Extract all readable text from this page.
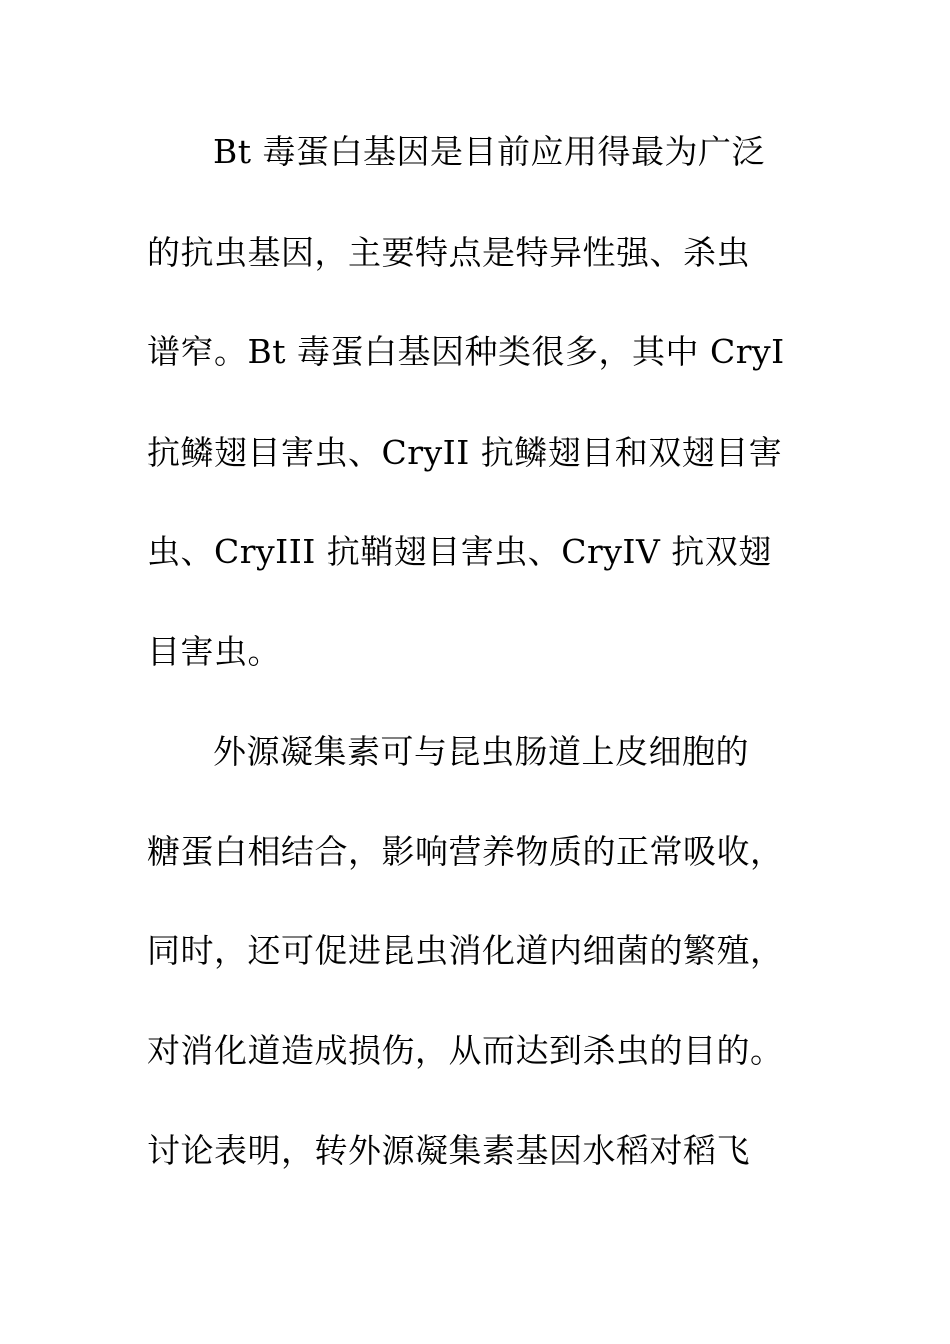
Bt 毒蛋白基因是目前应用得最为广泛
的抗虫基因，主要特点是特异性强、杀虫
谱窄。Bt 毒蛋白基因种类很多，其中 CryI
抗鳞翅目害虫、CryII 抗鳞翅目和双翅目害
虫、CryIII 抗鞘翅目害虫、CryIV 抗双翅
目害虫。
外源凝集素可与昆虫肠道上皮细胞的
糖蛋白相结合，影响营养物质的正常吸收，
同时，还可促进昆虫消化道内细菌的繁殖，
对消化道造成损伤，从而达到杀虫的目的。
讨论表明，转外源凝集素基因水稻对稻飞
